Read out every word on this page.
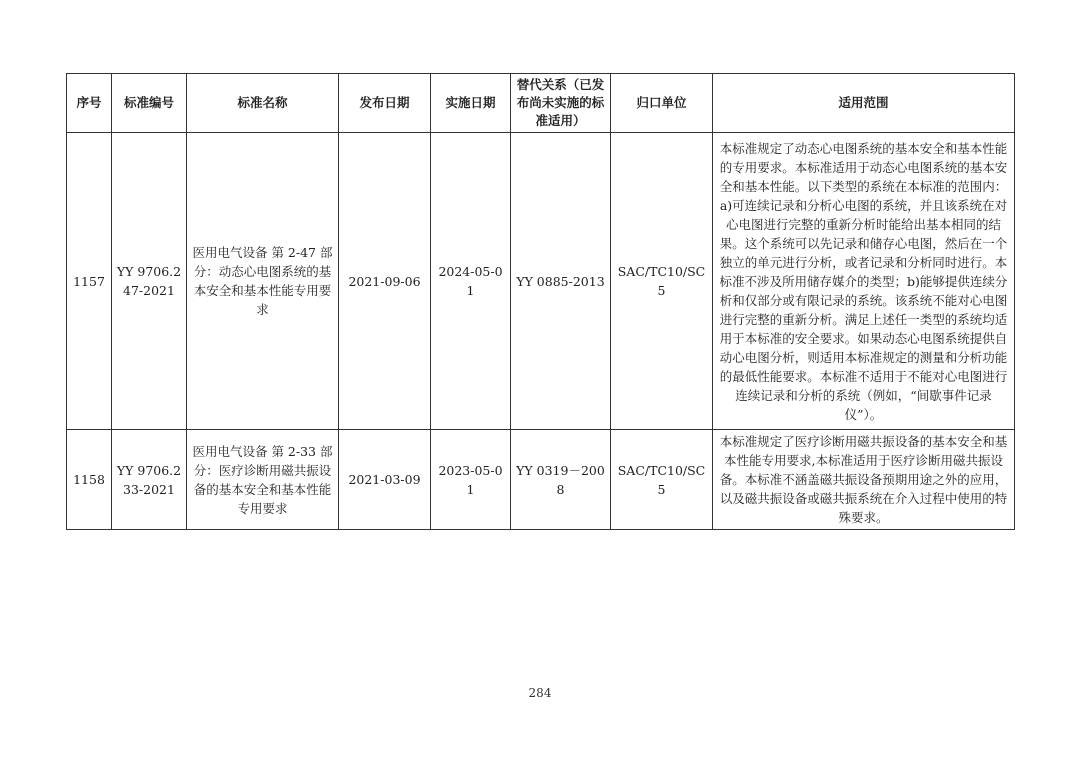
序号	标准编号	标准名称	发布日期	实施日期	替代关系（已发布尚未实施的标准适用）	归口单位	适用范围
1157	YY 9706.247-2021	医用电气设备 第 2-47 部分：动态心电图系统的基本安全和基本性能专用要求	2021-09-06	2024-05-01	YY 0885-2013	SAC/TC10/SC5	本标准规定了动态心电图系统的基本安全和基本性能的专用要求。本标准适用于动态心电图系统的基本安全和基本性能。以下类型的系统在本标准的范围内：a)可连续记录和分析心电图的系统，并且该系统在对心电图进行完整的重新分析时能给出基本相同的结果。这个系统可以先记录和储存心电图，然后在一个独立的单元进行分析，或者记录和分析同时进行。本标准不涉及所用储存媒介的类型；b)能够提供连续分析和仅部分或有限记录的系统。该系统不能对心电图进行完整的重新分析。满足上述任一类型的系统均适用于本标准的安全要求。如果动态心电图系统提供自动心电图分析，则适用本标准规定的测量和分析功能的最低性能要求。本标准不适用于不能对心电图进行连续记录和分析的系统（例如，“间歇事件记录仪”）。
1158	YY 9706.233-2021	医用电气设备 第 2-33 部分：医疗诊断用磁共振设备的基本安全和基本性能专用要求	2021-03-09	2023-05-01	YY 0319－2008	SAC/TC10/SC5	本标准规定了医疗诊断用磁共振设备的基本安全和基本性能专用要求,本标准适用于医疗诊断用磁共振设备。本标准不涵盖磁共振设备预期用途之外的应用，以及磁共振设备或磁共振系统在介入过程中使用的特殊要求。
284
